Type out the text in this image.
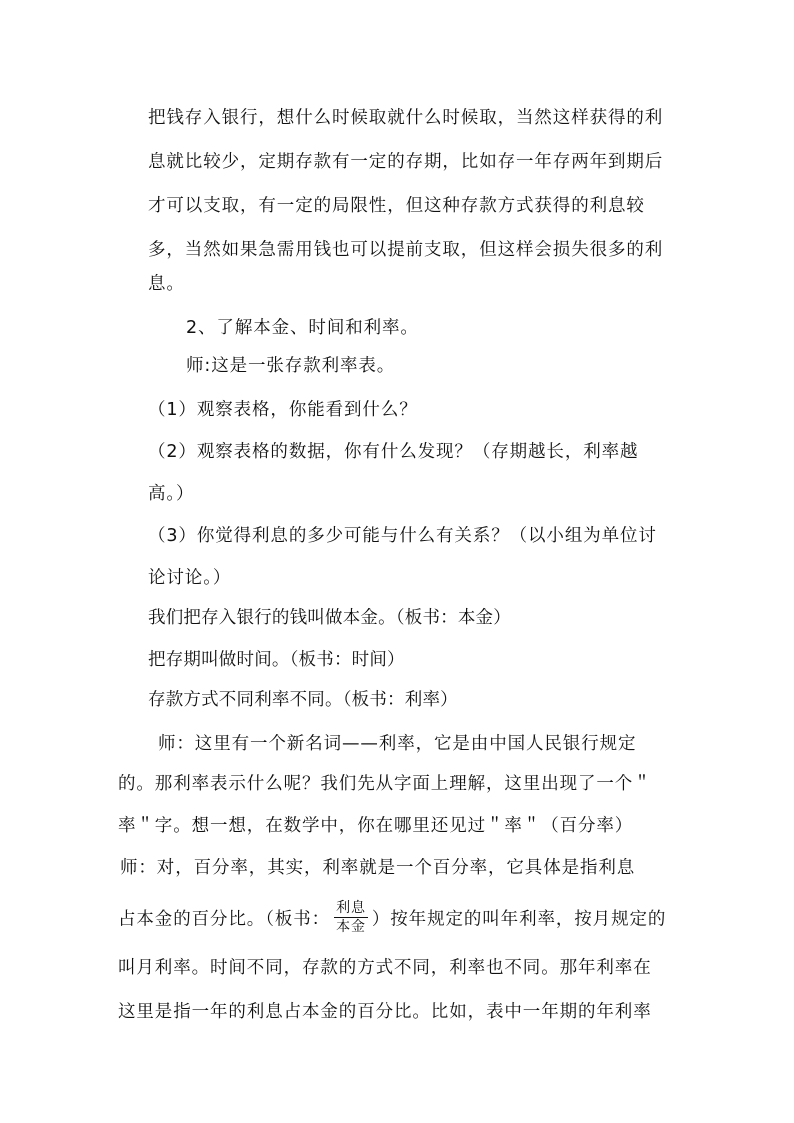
把钱存入银行，想什么时候取就什么时候取，当然这样获得的利
息就比较少，定期存款有一定的存期，比如存一年存两年到期后
才可以支取，有一定的局限性，但这种存款方式获得的利息较
多，当然如果急需用钱也可以提前支取，但这样会损失很多的利
息。
2、了解本金、时间和利率。
师:这是一张存款利率表。
（1）观察表格，你能看到什么？
（2）观察表格的数据，你有什么发现？（存期越长，利率越
高。）
（3）你觉得利息的多少可能与什么有关系？（以小组为单位讨
论讨论。）
我们把存入银行的钱叫做本金。（板书：本金）
把存期叫做时间。（板书：时间）
存款方式不同利率不同。（板书：利率）
师：这里有一个新名词——利率，它是由中国人民银行规定
的。那利率表示什么呢？我们先从字面上理解，这里出现了一个＂
率＂字。想一想，在数学中，你在哪里还见过＂率＂（百分率）
师：对，百分率，其实，利率就是一个百分率，它具体是指利息
占本金的百分比。（板书： $\frac{\text{利息}}{\text{本金}}$ ）按年规定的叫年利率，按月规定的
叫月利率。时间不同，存款的方式不同，利率也不同。那年利率在
这里是指一年的利息占本金的百分比。比如，表中一年期的年利率
